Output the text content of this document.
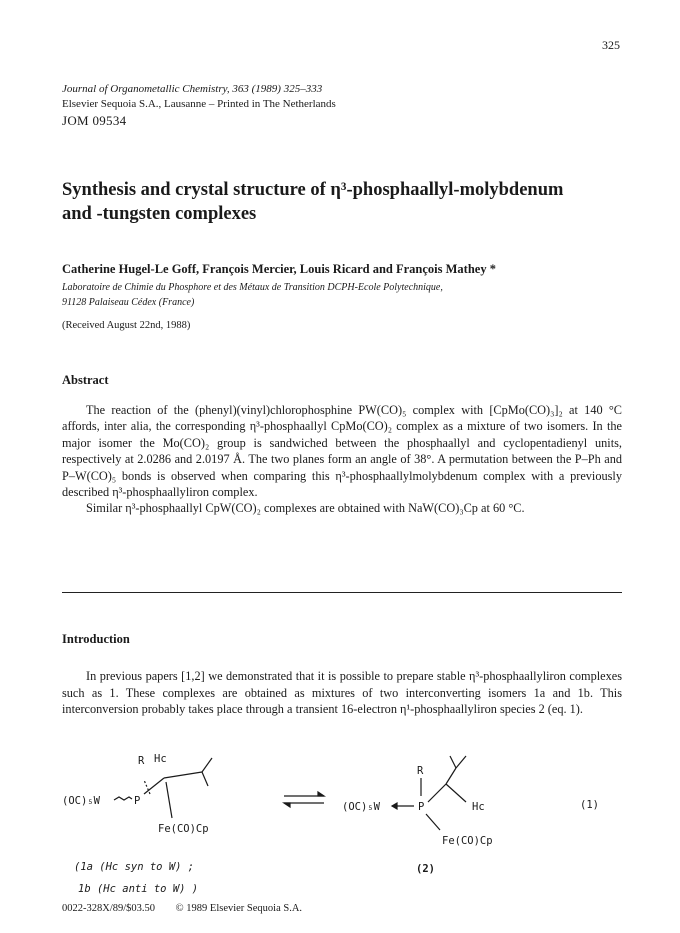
325
Journal of Organometallic Chemistry, 363 (1989) 325–333
Elsevier Sequoia S.A., Lausanne – Printed in The Netherlands
JOM 09534
Synthesis and crystal structure of η³-phosphaallyl-molybdenum
and -tungsten complexes
Catherine Hugel-Le Goff, François Mercier, Louis Ricard and François Mathey *
Laboratoire de Chimie du Phosphore et des Métaux de Transition DCPH-Ecole Polytechnique,
91128 Palaiseau Cédex (France)
(Received August 22nd, 1988)
Abstract

The reaction of the (phenyl)(vinyl)chlorophosphine PW(CO)₅ complex with [CpMo(CO)₃]₂ at 140 °C affords, inter alia, the corresponding η³-phosphaallyl CpMo(CO)₂ complex as a mixture of two isomers. In the major isomer the Mo(CO)₂ group is sandwiched between the phosphaallyl and cyclopentadienyl units, respectively at 2.0286 and 2.0197 Å. The two planes form an angle of 38°. A permutation between the P–Ph and P–W(CO)₅ bonds is observed when comparing this η³-phosphaallylmolybdenum complex with a previously described η³-phosphaallyliron complex.

Similar η³-phosphaallyl CpW(CO)₂ complexes are obtained with NaW(CO)₃Cp at 60 °C.

Introduction

In previous papers [1,2] we demonstrated that it is possible to prepare stable η³-phosphaallyliron complexes such as 1. These complexes are obtained as mixtures of two interconverting isomers 1a and 1b. This interconversion probably takes place through a transient 16-electron η¹-phosphaallyliron species 2 (eq. 1).

R Hc
(OC)₅W	P
Fe(CO)Cp
R
(OC)₅W	P	Hc
Fe(CO)Cp
(1)
(1a (Hc syn to W) ;
1b (Hc anti to W) )
(2)
0022-328X/89/$03.50 © 1989 Elsevier Sequoia S.A.
